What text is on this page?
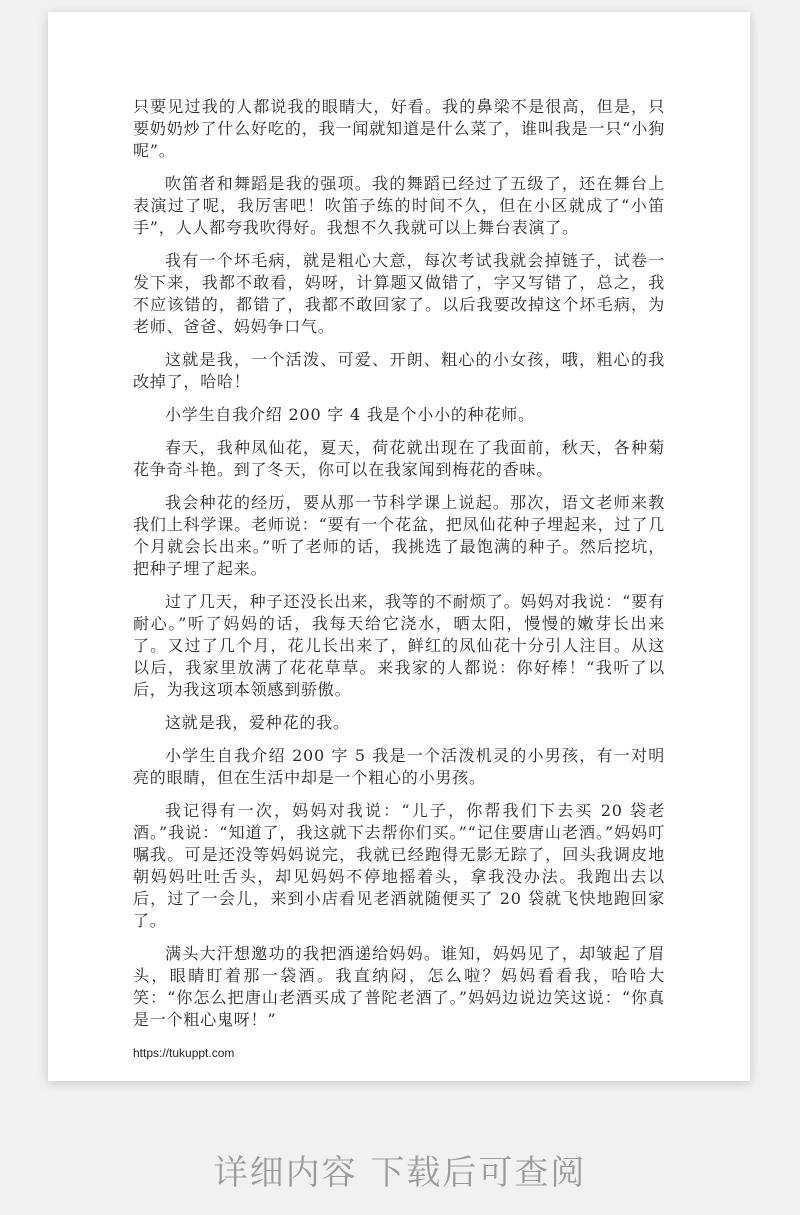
只要见过我的人都说我的眼睛大，好看。我的鼻梁不是很高，但是，只要奶奶炒了什么好吃的，我一闻就知道是什么菜了，谁叫我是一只“小狗呢”。

吹笛者和舞蹈是我的强项。我的舞蹈已经过了五级了，还在舞台上表演过了呢，我厉害吧！吹笛子练的时间不久，但在小区就成了“小笛手”，人人都夸我吹得好。我想不久我就可以上舞台表演了。

我有一个坏毛病，就是粗心大意，每次考试我就会掉链子，试卷一发下来，我都不敢看，妈呀，计算题又做错了，字又写错了，总之，我不应该错的，都错了，我都不敢回家了。以后我要改掉这个坏毛病，为老师、爸爸、妈妈争口气。

这就是我，一个活泼、可爱、开朗、粗心的小女孩，哦，粗心的我改掉了，哈哈！

小学生自我介绍 200 字 4 我是个小小的种花师。

春天，我种凤仙花，夏天，荷花就出现在了我面前，秋天，各种菊花争奇斗艳。到了冬天，你可以在我家闻到梅花的香味。

我会种花的经历，要从那一节科学课上说起。那次，语文老师来教我们上科学课。老师说：“要有一个花盆，把凤仙花种子埋起来，过了几个月就会长出来。”听了老师的话，我挑选了最饱满的种子。然后挖坑，把种子埋了起来。

过了几天，种子还没长出来，我等的不耐烦了。妈妈对我说：“要有耐心。”听了妈妈的话，我每天给它浇水，晒太阳，慢慢的嫩芽长出来了。又过了几个月，花儿长出来了，鲜红的凤仙花十分引人注目。从这以后，我家里放满了花花草草。来我家的人都说：你好棒！“我听了以后，为我这项本领感到骄傲。

这就是我，爱种花的我。

小学生自我介绍 200 字 5 我是一个活泼机灵的小男孩，有一对明亮的眼睛，但在生活中却是一个粗心的小男孩。

我记得有一次，妈妈对我说：“儿子，你帮我们下去买 20 袋老酒。”我说：“知道了，我这就下去帮你们买。”“记住要唐山老酒。”妈妈叮嘱我。可是还没等妈妈说完，我就已经跑得无影无踪了，回头我调皮地朝妈妈吐吐舌头，却见妈妈不停地摇着头，拿我没办法。我跑出去以后，过了一会儿，来到小店看见老酒就随便买了 20 袋就飞快地跑回家了。

满头大汗想邀功的我把酒递给妈妈。谁知，妈妈见了，却皱起了眉头，眼睛盯着那一袋酒。我直纳闷，怎么啦？妈妈看看我，哈哈大笑：“你怎么把唐山老酒买成了普陀老酒了。”妈妈边说边笑这说：“你真是一个粗心鬼呀！”

https://tukuppt.com
详细内容 下载后可查阅
